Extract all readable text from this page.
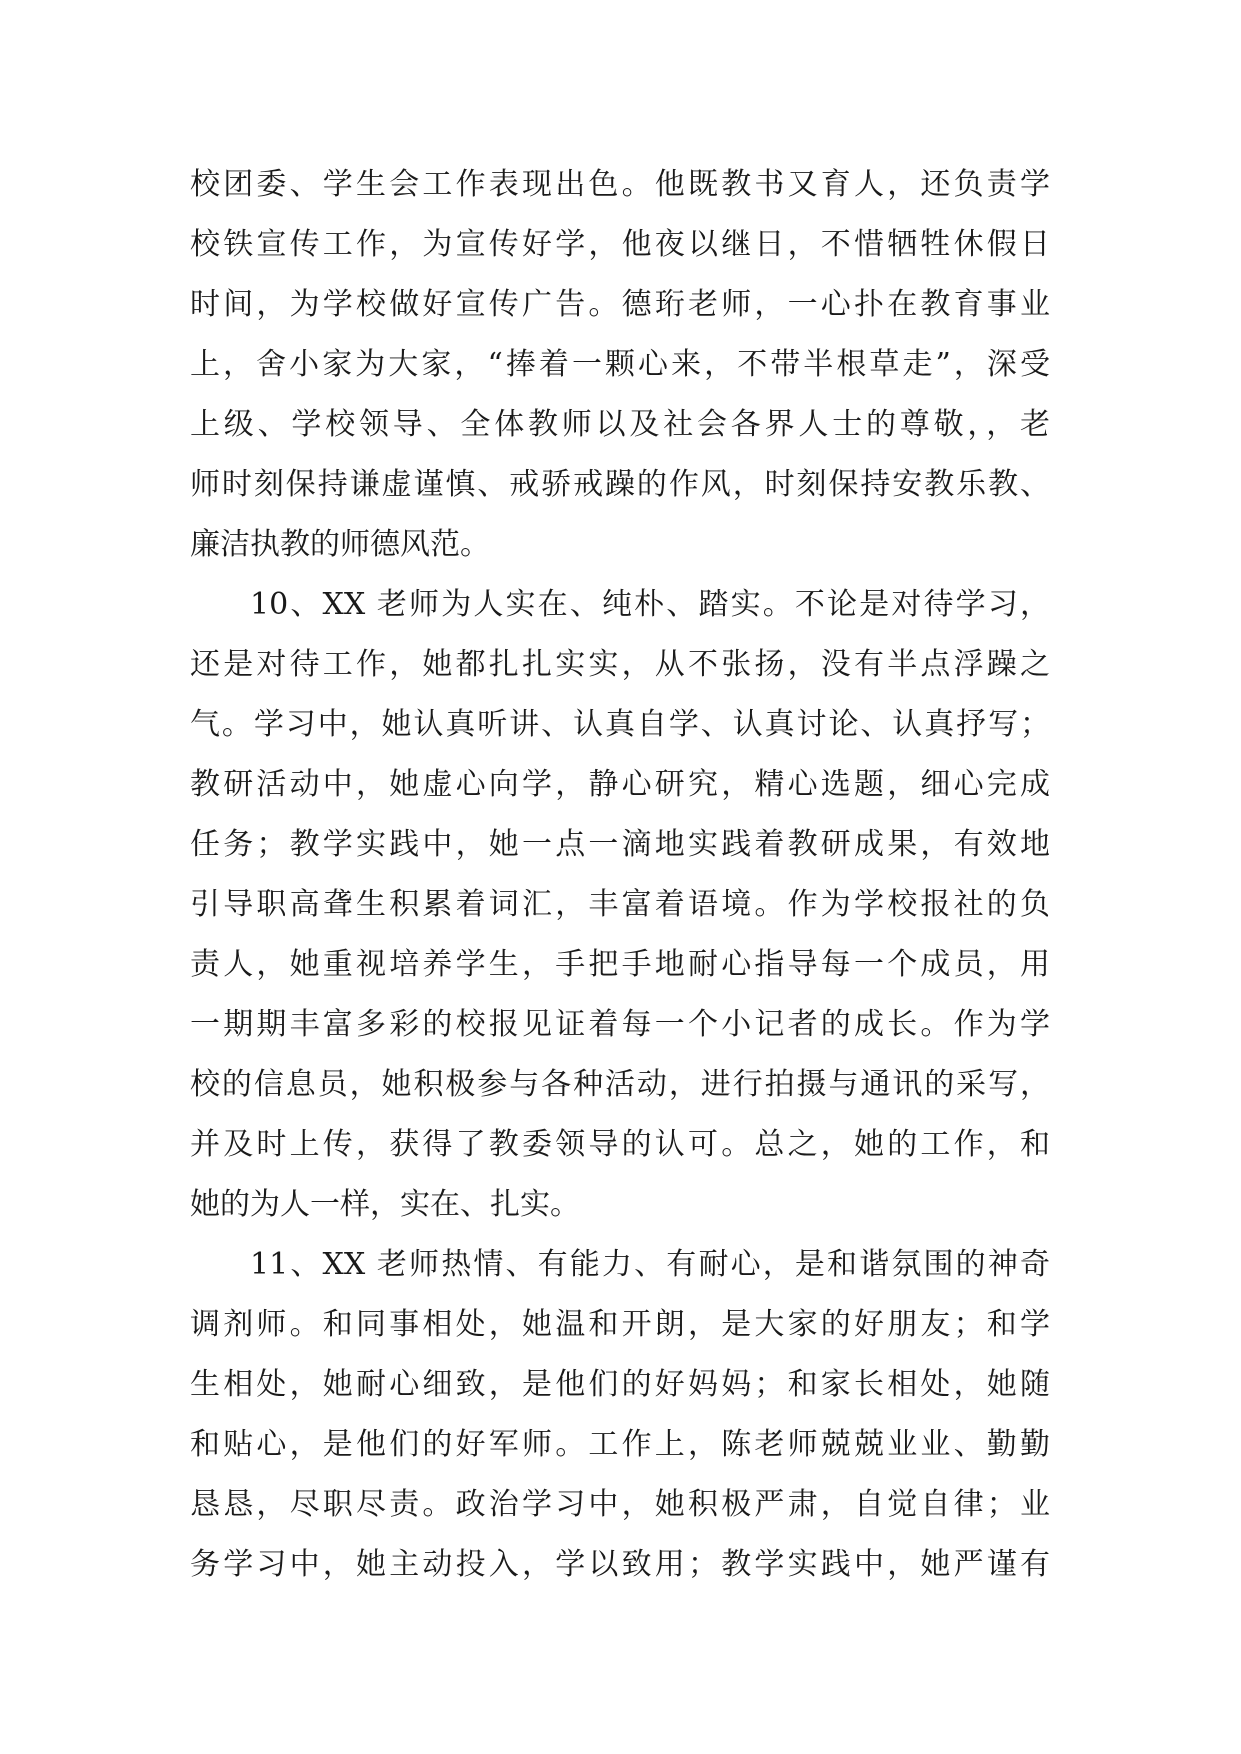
校团委、学生会工作表现出色。他既教书又育人，还负责学
校铁宣传工作，为宣传好学，他夜以继日，不惜牺牲休假日
时间，为学校做好宣传广告。德珩老师，一心扑在教育事业
上，舍小家为大家，“捧着一颗心来，不带半根草走”，深受
上级、学校领导、全体教师以及社会各界人士的尊敬，，老
师时刻保持谦虚谨慎、戒骄戒躁的作风，时刻保持安教乐教、
廉洁执教的师德风范。
10、XX 老师为人实在、纯朴、踏实。不论是对待学习，
还是对待工作，她都扎扎实实，从不张扬，没有半点浮躁之
气。学习中，她认真听讲、认真自学、认真讨论、认真抒写；
教研活动中，她虚心向学，静心研究，精心选题，细心完成
任务；教学实践中，她一点一滴地实践着教研成果，有效地
引导职高聋生积累着词汇，丰富着语境。作为学校报社的负
责人，她重视培养学生，手把手地耐心指导每一个成员，用
一期期丰富多彩的校报见证着每一个小记者的成长。作为学
校的信息员，她积极参与各种活动，进行拍摄与通讯的采写，
并及时上传，获得了教委领导的认可。总之，她的工作，和
她的为人一样，实在、扎实。
11、XX 老师热情、有能力、有耐心，是和谐氛围的神奇
调剂师。和同事相处，她温和开朗，是大家的好朋友；和学
生相处，她耐心细致，是他们的好妈妈；和家长相处，她随
和贴心，是他们的好军师。工作上，陈老师兢兢业业、勤勤
恳恳，尽职尽责。政治学习中，她积极严肃，自觉自律；业
务学习中，她主动投入，学以致用；教学实践中，她严谨有
